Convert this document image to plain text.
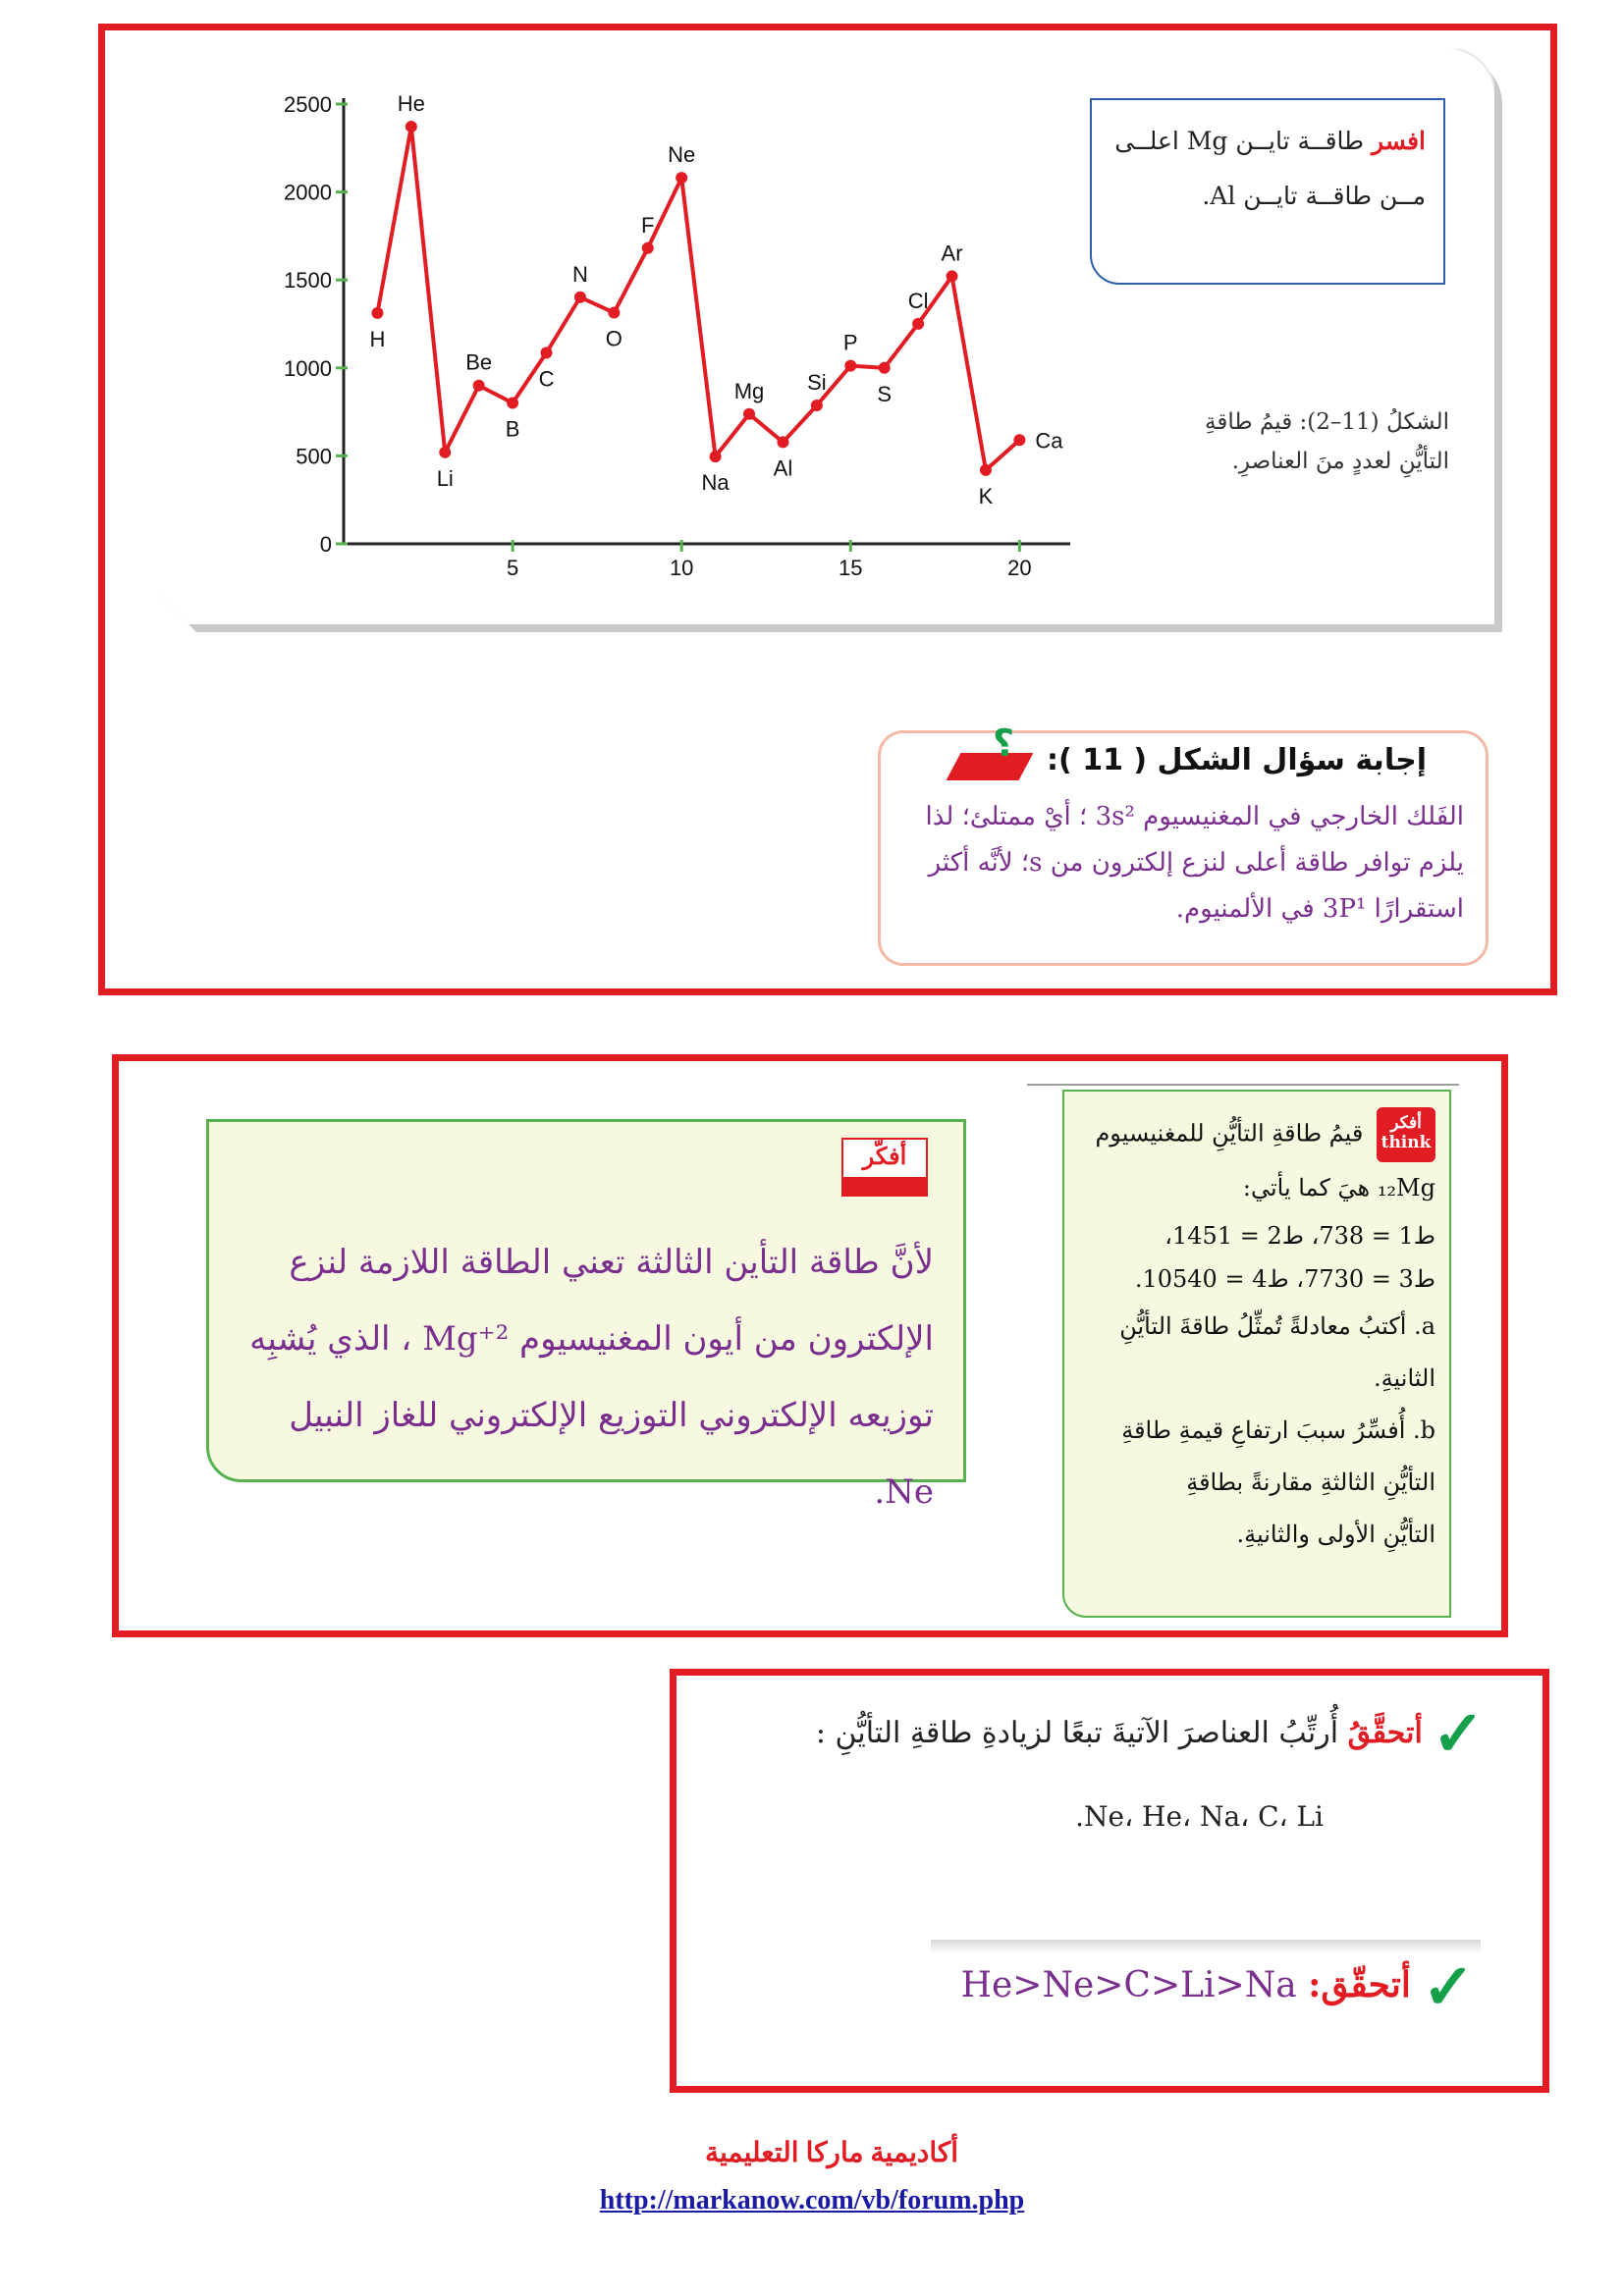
0
500
1000
1500
2000
2500
5	10	15	20
H
He
Li
Be
B
C
N
O
F
Ne
Na
Mg
Al
Si
P
S
Cl
Ar
K
Ca
افسر طاقــة تايــن Mg اعلــى
مــن طاقــة تايــن Al.
الشكلُ (11–2): قيمُ طاقةِ
التأيُّنِ لعددٍ منَ العناصرِ.
إجابة سؤال الشكل ( 11 ):
؟
الفَلك الخارجي في المغنيسيوم 3s² ؛ أيْ ممتلئ؛ لذا
يلزم توافر طاقة أعلى لنزع إلكترون من s؛ لأنَّه أكثر
استقرارًا 3P¹ في الألمنيوم.
أفكر
think قيمُ طاقةِ التأيُّنِ للمغنيسيوم
₁₂Mg هيَ كما يأتي:
ط1 = 738، ط2 = 1451،
ط3 = 7730، ط4 = 10540.
a. أكتبُ معادلةً تُمثِّلُ طاقةَ التأيُّنِ
الثانيةِ.
b. أُفسِّرُ سببَ ارتفاعِ قيمةِ طاقةِ
التأيُّنِ الثالثةِ مقارنةً بطاقةِ
التأيُّنِ الأولى والثانيةِ.
أفكّر
لأنَّ طاقة التأين الثالثة تعني الطاقة اللازمة لنزع
الإلكترون من أيون المغنيسيوم Mg⁺² ، الذي يُشبِه
توزيعه الإلكتروني التوزيع الإلكتروني للغاز النبيل Ne.
✓ أتحقَّقُ أُرتِّبُ العناصرَ الآتيةَ تبعًا لزيادةِ طاقةِ التأيُّنِ :
Ne، He، Na، C، Li.
✓ أتحقّق: He>Ne>C>Li>Na
أكاديمية ماركا التعليمية
http://markanow.com/vb/forum.php
